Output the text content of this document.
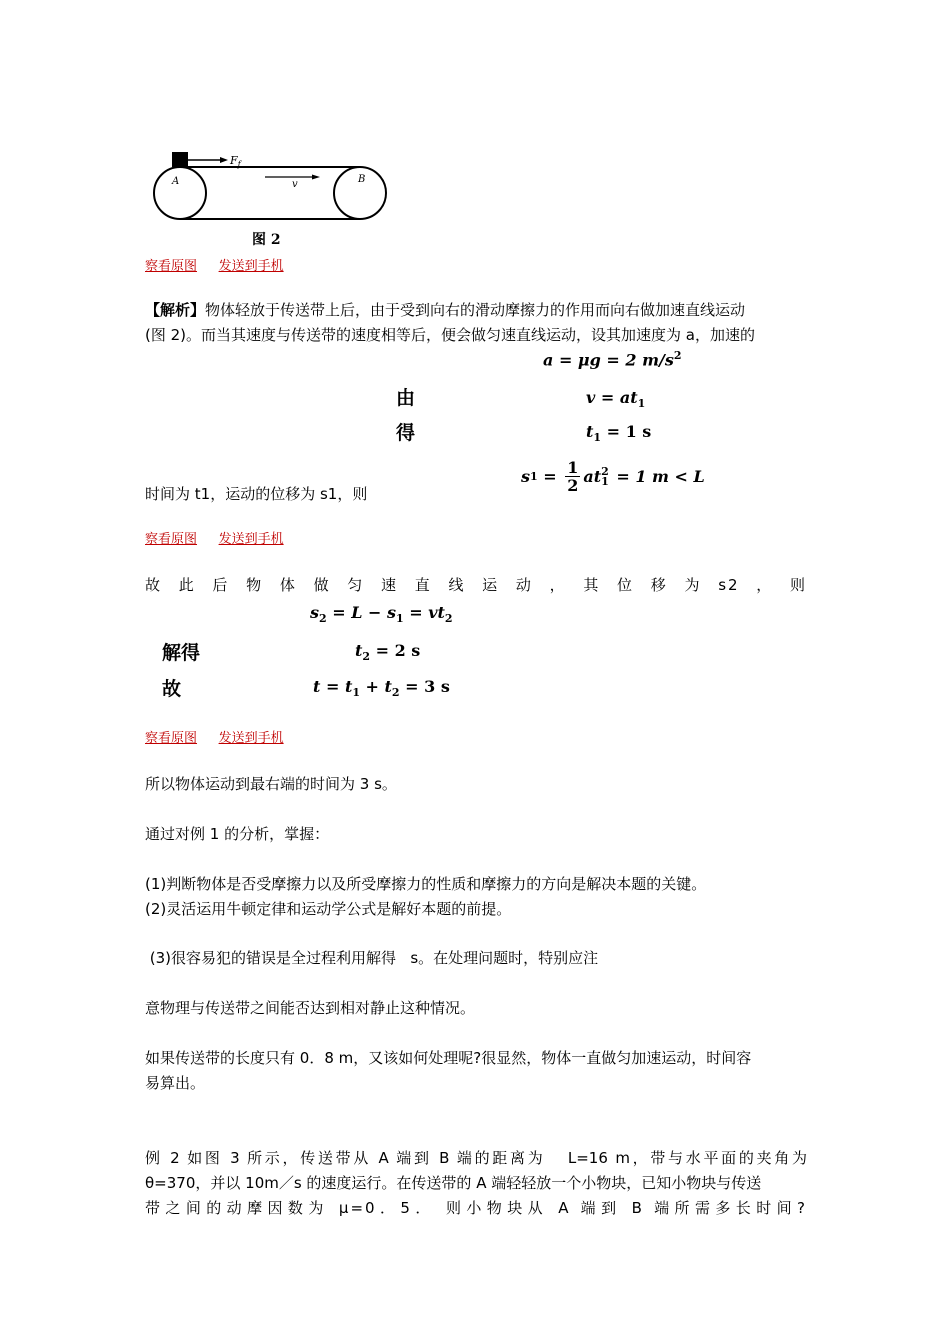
$F_f$
A	B
v
图 2
察看原图 发送到手机
【解析】物体轻放于传送带上后，由于受到向右的滑动摩擦力的作用而向右做加速直线运动
(图 2)。而当其速度与传送带的速度相等后，便会做匀速直线运动，设其加速度为 a，加速的
a = μg = 2 $m/s^2$
由	$v = at_1$
得	$t_1 = 1$ s
s $1 = \frac{1}{2}$ at 2
1 = 1 m < L
时间为 t1，运动的位移为 s1，则
察看原图 发送到手机
故此后物体做匀速直线运动，其位移为s2，则
$s_2 = L - s_1 = vt_2$
解得	$t_2 = 2$ s
故	$t = t_1 + t_2 = 3$ s
察看原图 发送到手机
所以物体运动到最右端的时间为 3 s。
通过对例 1 的分析，掌握：
(1)判断物体是否受摩擦力以及所受摩擦力的性质和摩擦力的方向是解决本题的关键。
(2)灵活运用牛顿定律和运动学公式是解好本题的前提。
(3)很容易犯的错误是全过程利用解得   s。在处理问题时，特别应注
意物理与传送带之间能否达到相对静止这种情况。
如果传送带的长度只有 0．8 m，又该如何处理呢?很显然，物体一直做匀加速运动，时间容
易算出。
例 2 如图 3 所示，传送带从 A 端到 B 端的距离为   L=16 m，带与水平面的夹角为
θ=370，并以 10m／s 的速度运行。在传送带的 A 端轻轻放一个小物块，已知小物块与传送
带之间的动摩因数为 μ=0．5． 则小物块从 A 端到 B 端所需多长时间?
